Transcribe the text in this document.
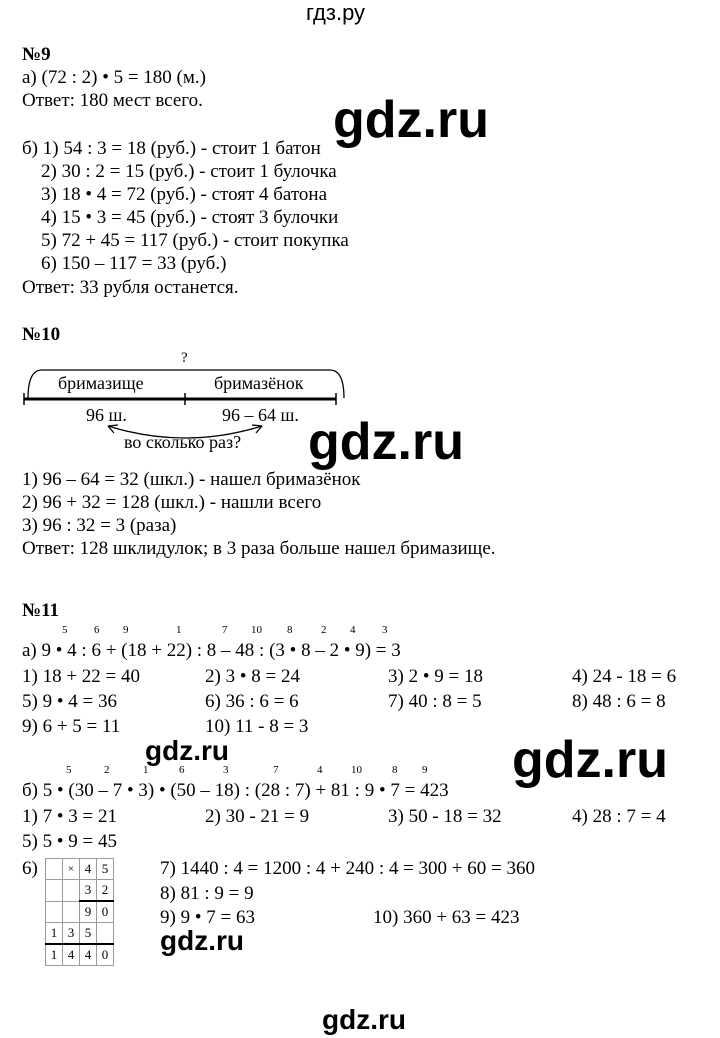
гдз.ру
gdz.ru
gdz.ru
gdz.ru	gdz.ru
gdz.ru
gdz.ru
№9
а) (72 : 2) • 5 = 180 (м.)
Ответ: 180 мест всего.
б) 1) 54 : 3 = 18 (руб.) - стоит 1 батон
2) 30 : 2 = 15 (руб.) - стоит 1 булочка
3) 18 • 4 = 72 (руб.) - стоят 4 батона
4) 15 • 3 = 45 (руб.) - стоят 3 булочки
5) 72 + 45 = 117 (руб.) - стоит покупка
6) 150 – 117 = 33 (руб.)
Ответ: 33 рубля останется.
№10
?
бримазище	бримазёнок
96 ш.	96 – 64 ш.
во сколько раз?
1) 96 – 64 = 32 (шкл.) - нашел бримазёнок
2) 96 + 32 = 128 (шкл.) - нашли всего
3) 96 : 32 = 3 (раза)
Ответ: 128 шклидулок; в 3 раза больше нашел бримазище.
№11
5 6 9	1	7 10 8	2 4 3
а) 9 • 4 : 6 + (18 + 22) : 8 – 48 : (3 • 8 – 2 • 9) = 3
1) 18 + 22 = 40	2) 3 • 8 = 24	3) 2 • 9 = 18	4) 24 - 18 = 6
5) 9 • 4 = 36	6) 36 : 6 = 6	7) 40 : 8 = 5	8) 48 : 6 = 8
9) 6 + 5 = 11	10) 11 - 8 = 3
5	2	1	6	3	7	4	10	8 9
б) 5 • (30 – 7 • 3) • (50 – 18) : (28 : 7) + 81 : 9 • 7 = 423
1) 7 • 3 = 21	2) 30 - 21 = 9	3) 50 - 18 = 32	4) 28 : 7 = 4
5) 5 • 9 = 45
6)
		×	4	5
		3	2
		9	0
1	3	5	
1	4	4	0
7) 1440 : 4 = 1200 : 4 + 240 : 4 = 300 + 60 = 360
8) 81 : 9 = 9
9) 9 • 7 = 63	10) 360 + 63 = 423
